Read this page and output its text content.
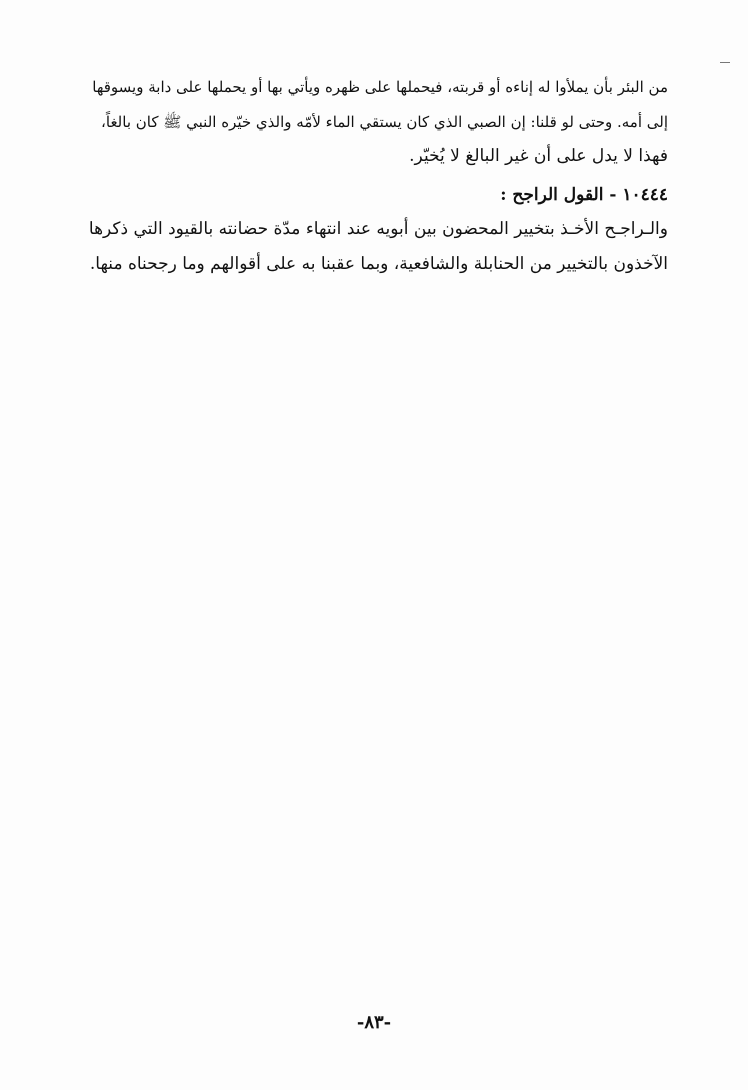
من البئر بأن يملأوا له إناءه أو قربته، فيحملها على ظهره ويأتي بها أو يحملها على دابة ويسوقها
إلى أمه. وحتى لو قلنا: إن الصبي الذي كان يستقي الماء لأمّه والذي خيّره النبي ﷺ كان بالغاً،
فهذا لا يدل على أن غير البالغ لا يُخيّر.
١٠٤٤٤ - القول الراجح :
والـراجـح الأخـذ بتخيير المحضون بين أبويه عند انتهاء مدّة حضانته بالقيود التي ذكرها
الآخذون بالتخيير من الحنابلة والشافعية، وبما عقبنا به على أقوالهم وما رجحناه منها.
-٨٣-
